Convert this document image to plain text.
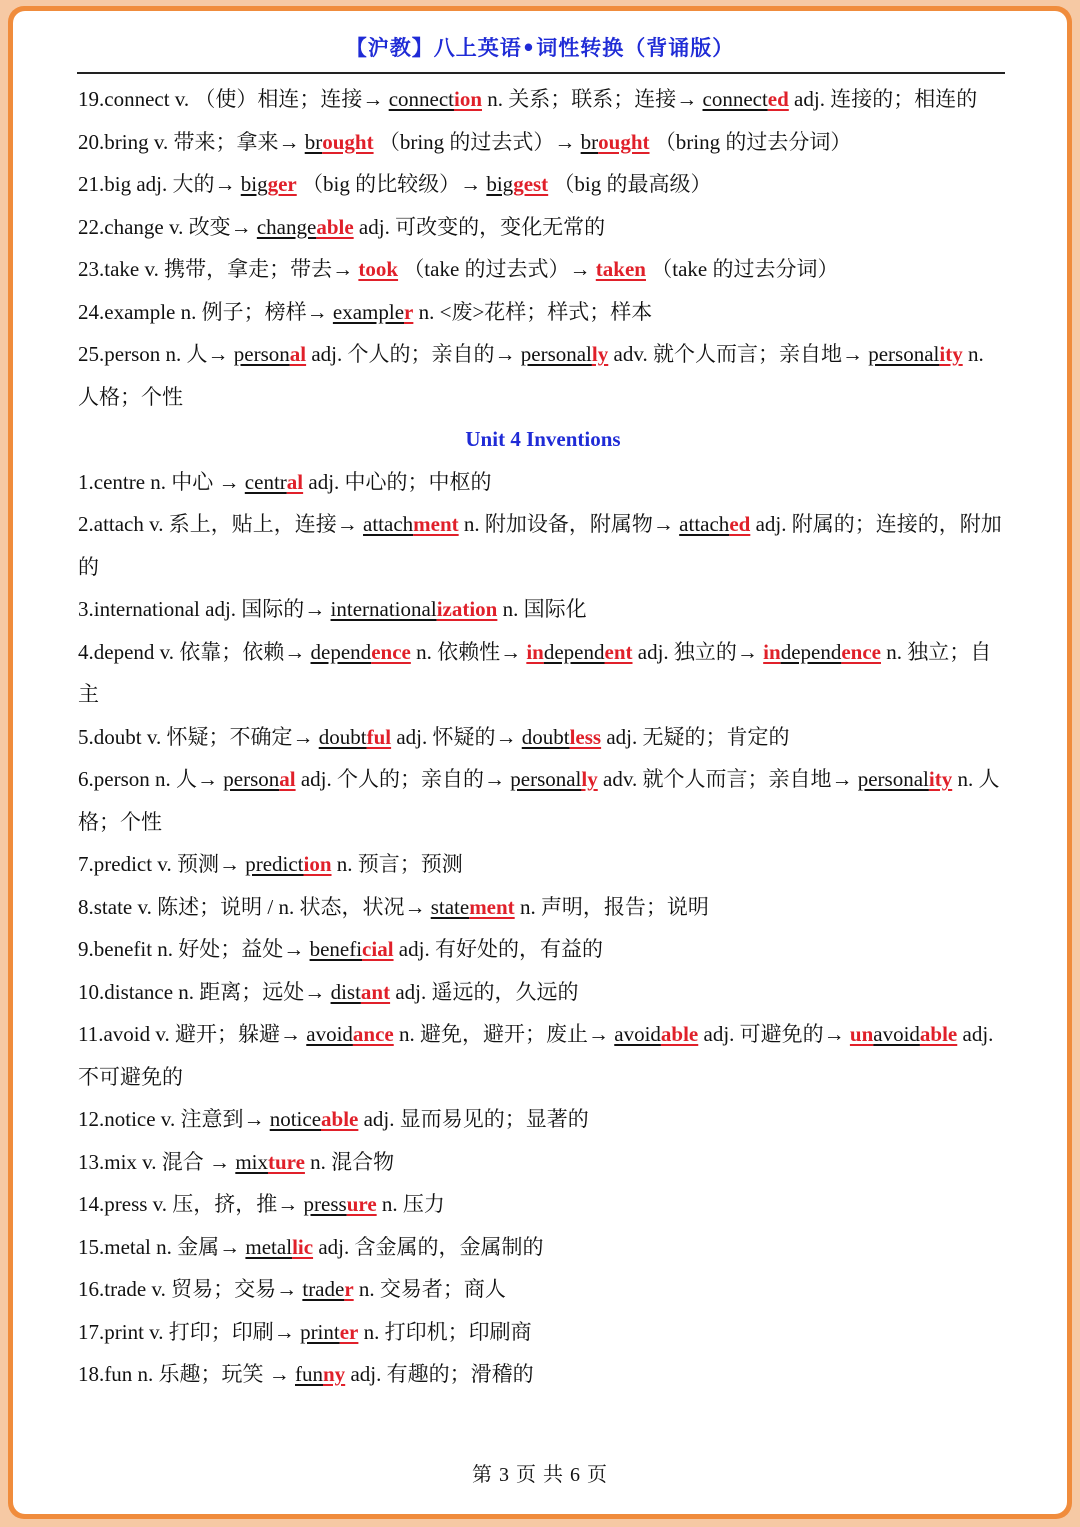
【沪教】八上英语•词性转换（背诵版）
19.connect v. （使）相连；连接→ connection n. 关系；联系；连接→ connected adj. 连接的；相连的
20.bring v. 带来；拿来→ brought （bring 的过去式）→ brought （bring 的过去分词）
21.big adj. 大的→ bigger （big 的比较级）→ biggest （big 的最高级）
22.change v. 改变→ changeable adj. 可改变的，变化无常的
23.take v. 携带，拿走；带去→ took （take 的过去式）→ taken （take 的过去分词）
24.example n. 例子；榜样→ exampler n. <废>花样；样式；样本
25.person n. 人→ personal adj. 个人的；亲自的→ personally adv. 就个人而言；亲自地→ personality n. 人格；个性
Unit 4 Inventions
1.centre n. 中心 → central adj. 中心的；中枢的
2.attach v. 系上，贴上，连接→ attachment n. 附加设备，附属物→ attached adj. 附属的；连接的，附加的
3.international adj. 国际的→ internationalization n. 国际化
4.depend v. 依靠；依赖→ dependence n. 依赖性→ independent adj. 独立的→ independence n. 独立；自主
5.doubt v. 怀疑；不确定→ doubtful adj. 怀疑的→ doubtless adj. 无疑的；肯定的
6.person n. 人→ personal adj. 个人的；亲自的→ personally adv. 就个人而言；亲自地→ personality n. 人格；个性
7.predict v. 预测→ prediction n. 预言；预测
8.state v. 陈述；说明 / n. 状态，状况→ statement n. 声明，报告；说明
9.benefit n. 好处；益处→ beneficial adj. 有好处的，有益的
10.distance n. 距离；远处→ distant adj. 遥远的，久远的
11.avoid v. 避开；躲避→ avoidance n. 避免，避开；废止→ avoidable adj. 可避免的→ unavoidable adj. 不可避免的
12.notice v. 注意到→ noticeable adj. 显而易见的；显著的
13.mix v. 混合 → mixture n. 混合物
14.press v. 压，挤，推→ pressure n. 压力
15.metal n. 金属→ metallic adj. 含金属的，金属制的
16.trade v. 贸易；交易→ trader n. 交易者；商人
17.print v. 打印；印刷→ printer n. 打印机；印刷商
18.fun n. 乐趣；玩笑 → funny adj. 有趣的；滑稽的
第 3 页 共 6 页
